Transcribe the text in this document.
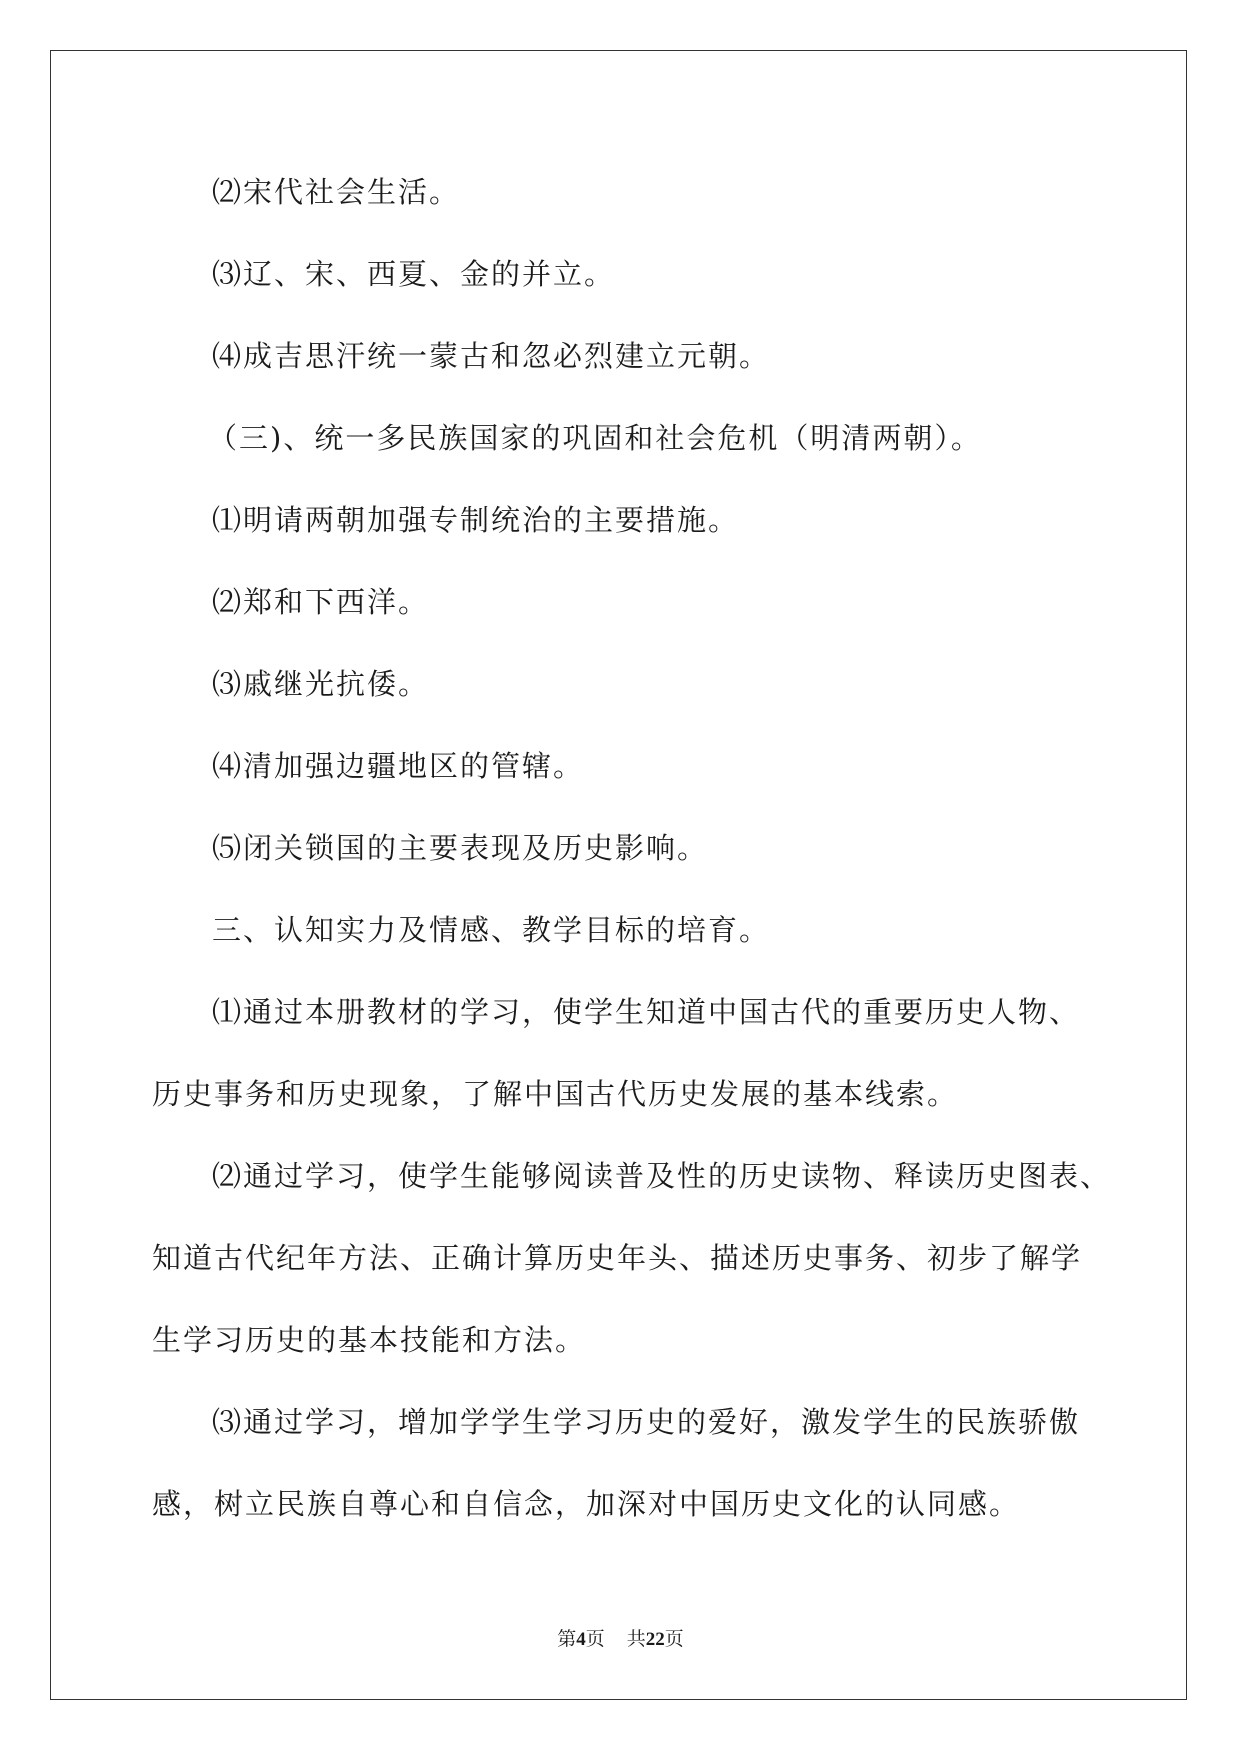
⑵宋代社会生活。
⑶辽、宋、西夏、金的并立。
⑷成吉思汗统一蒙古和忽必烈建立元朝。
（三)、统一多民族国家的巩固和社会危机（明清两朝）。
⑴明请两朝加强专制统治的主要措施。
⑵郑和下西洋。
⑶戚继光抗倭。
⑷清加强边疆地区的管辖。
⑸闭关锁国的主要表现及历史影响。
三、认知实力及情感、教学目标的培育。
⑴通过本册教材的学习，使学生知道中国古代的重要历史人物、
历史事务和历史现象，了解中国古代历史发展的基本线索。
⑵通过学习，使学生能够阅读普及性的历史读物、释读历史图表、
知道古代纪年方法、正确计算历史年头、描述历史事务、初步了解学
生学习历史的基本技能和方法。
⑶通过学习，增加学学生学习历史的爱好，激发学生的民族骄傲
感，树立民族自尊心和自信念，加深对中国历史文化的认同感。
第4页 共22页
